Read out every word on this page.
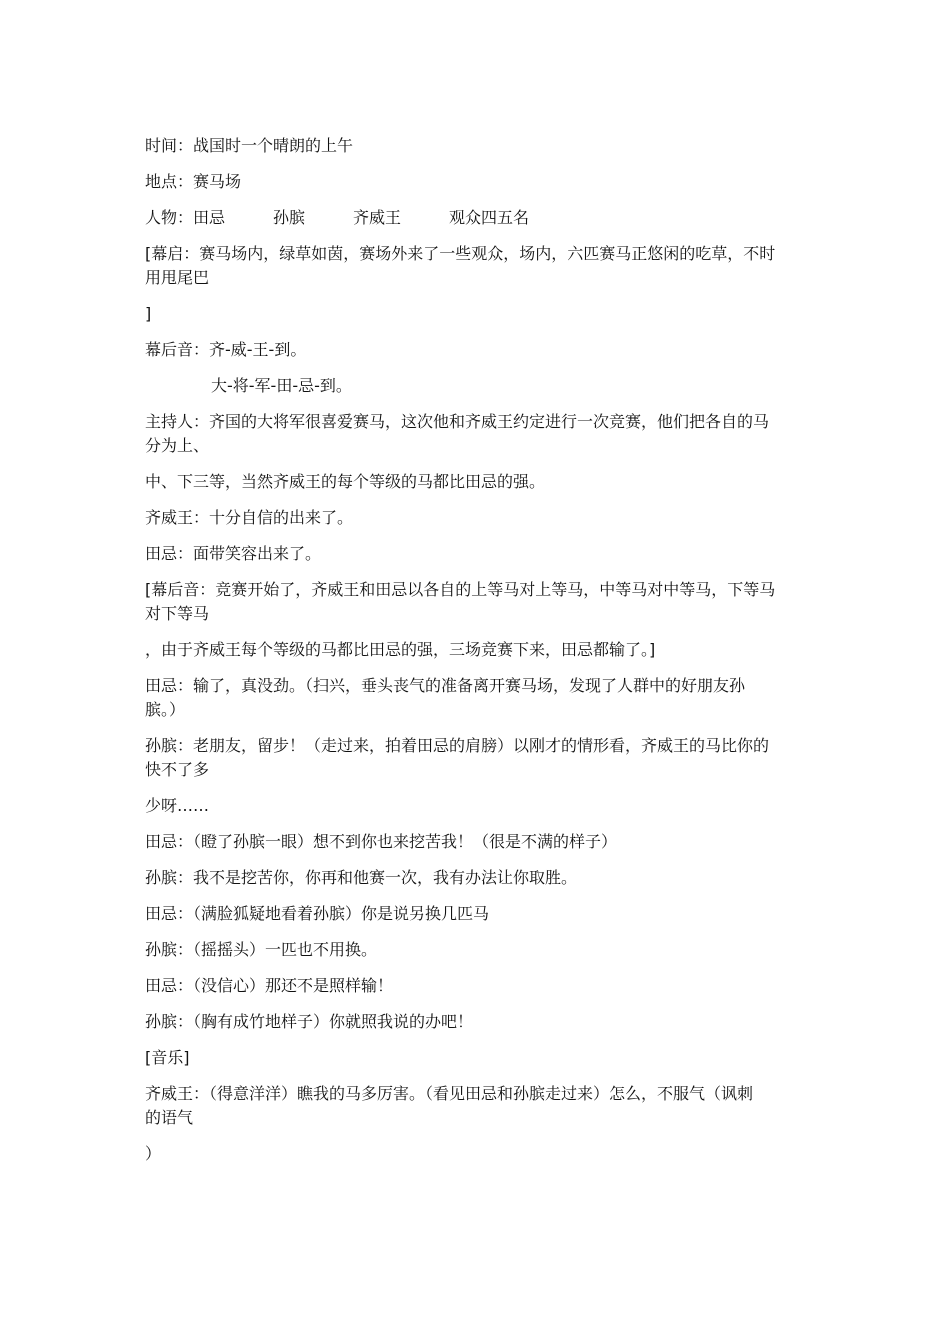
时间：战国时一个晴朗的上午
地点：赛马场
人物：田忌　　　孙膑　　　齐威王　　　观众四五名
[幕启：赛马场内，绿草如茵，赛场外来了一些观众，场内，六匹赛马正悠闲的吃草，不时
用甩尾巴
]
幕后音：齐-威-王-到。
大-将-军-田-忌-到。
主持人：齐国的大将军很喜爱赛马，这次他和齐威王约定进行一次竞赛，他们把各自的马
分为上、
中、下三等，当然齐威王的每个等级的马都比田忌的强。
齐威王：十分自信的出来了。
田忌：面带笑容出来了。
[幕后音：竞赛开始了，齐威王和田忌以各自的上等马对上等马，中等马对中等马，下等马
对下等马
，由于齐威王每个等级的马都比田忌的强，三场竞赛下来，田忌都输了。]
田忌：输了，真没劲。（扫兴，垂头丧气的准备离开赛马场，发现了人群中的好朋友孙
膑。）
孙膑：老朋友，留步！（走过来，拍着田忌的肩膀）以刚才的情形看，齐威王的马比你的
快不了多
少呀……
田忌：（瞪了孙膑一眼）想不到你也来挖苦我！（很是不满的样子）
孙膑：我不是挖苦你，你再和他赛一次，我有办法让你取胜。
田忌：（满脸狐疑地看着孙膑）你是说另换几匹马
孙膑：（摇摇头）一匹也不用换。
田忌：（没信心）那还不是照样输！
孙膑：（胸有成竹地样子）你就照我说的办吧！
[音乐]
齐威王：（得意洋洋）瞧我的马多厉害。（看见田忌和孙膑走过来）怎么，不服气（讽刺
的语气
）
